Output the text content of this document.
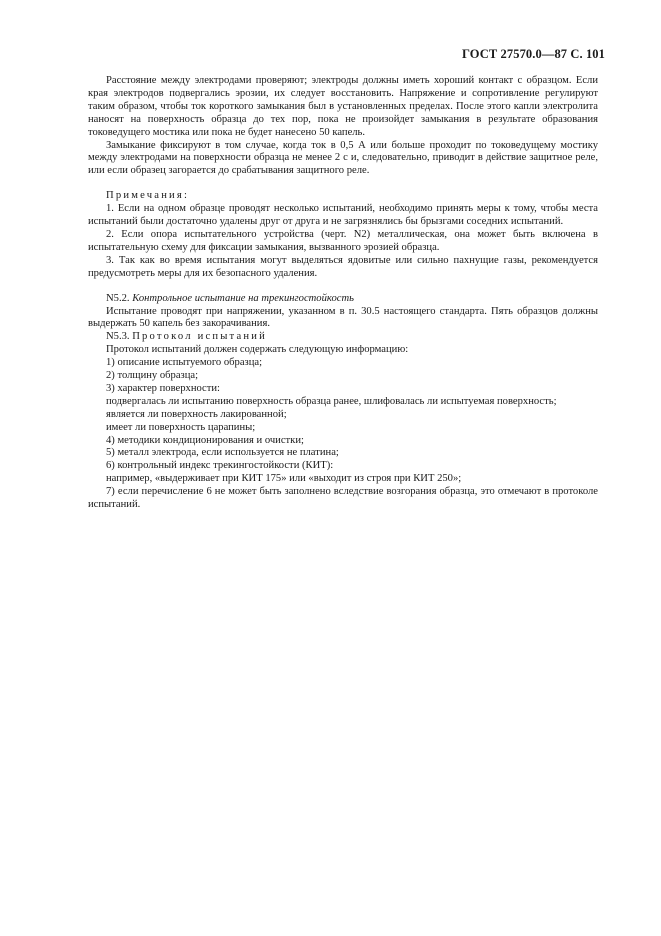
ГОСТ 27570.0—87 С. 101

Расстояние между электродами проверяют; электроды должны иметь хороший контакт с образцом. Если края электродов подвергались эрозии, их следует восстановить. Напряжение и сопротивление регулируют таким образом, чтобы ток короткого замыкания был в установленных пределах. После этого капли электролита наносят на поверхность образца до тех пор, пока не произойдет замыкания в результате образования токоведущего мостика или пока не будет нанесено 50 капель.

Замыкание фиксируют в том случае, когда ток в 0,5 А или больше проходит по токоведущему мостику между электродами на поверхности образца не менее 2 с и, следовательно, приводит в действие защитное реле, или если образец загорается до срабатывания защитного реле.

Примечания:

1. Если на одном образце проводят несколько испытаний, необходимо принять меры к тому, чтобы места испытаний были достаточно удалены друг от друга и не загрязнялись бы брызгами соседних испытаний.

2. Если опора испытательного устройства (черт. N2) металлическая, она может быть включена в испытательную схему для фиксации замыкания, вызванного эрозией образца.

3. Так как во время испытания могут выделяться ядовитые или сильно пахнущие газы, рекомендуется предусмотреть меры для их безопасного удаления.

N5.2. Контрольное испытание на трекингостойкость

Испытание проводят при напряжении, указанном в п. 30.5 настоящего стандарта. Пять образцов должны выдержать 50 капель без закорачивания.

N5.3. Протокол испытаний

Протокол испытаний должен содержать следующую информацию:

1) описание испытуемого образца;

2) толщину образца;

3) характер поверхности:

подвергалась ли испытанию поверхность образца ранее, шлифовалась ли испытуемая поверхность;

является ли поверхность лакированной;

имеет ли поверхность царапины;

4) методики кондиционирования и очистки;

5) металл электрода, если используется не платина;

6) контрольный индекс трекингостойкости (КИТ):

например, «выдерживает при КИТ 175» или «выходит из строя при КИТ 250»;

7) если перечисление 6 не может быть заполнено вследствие возгорания образца, это отмечают в протоколе испытаний.
